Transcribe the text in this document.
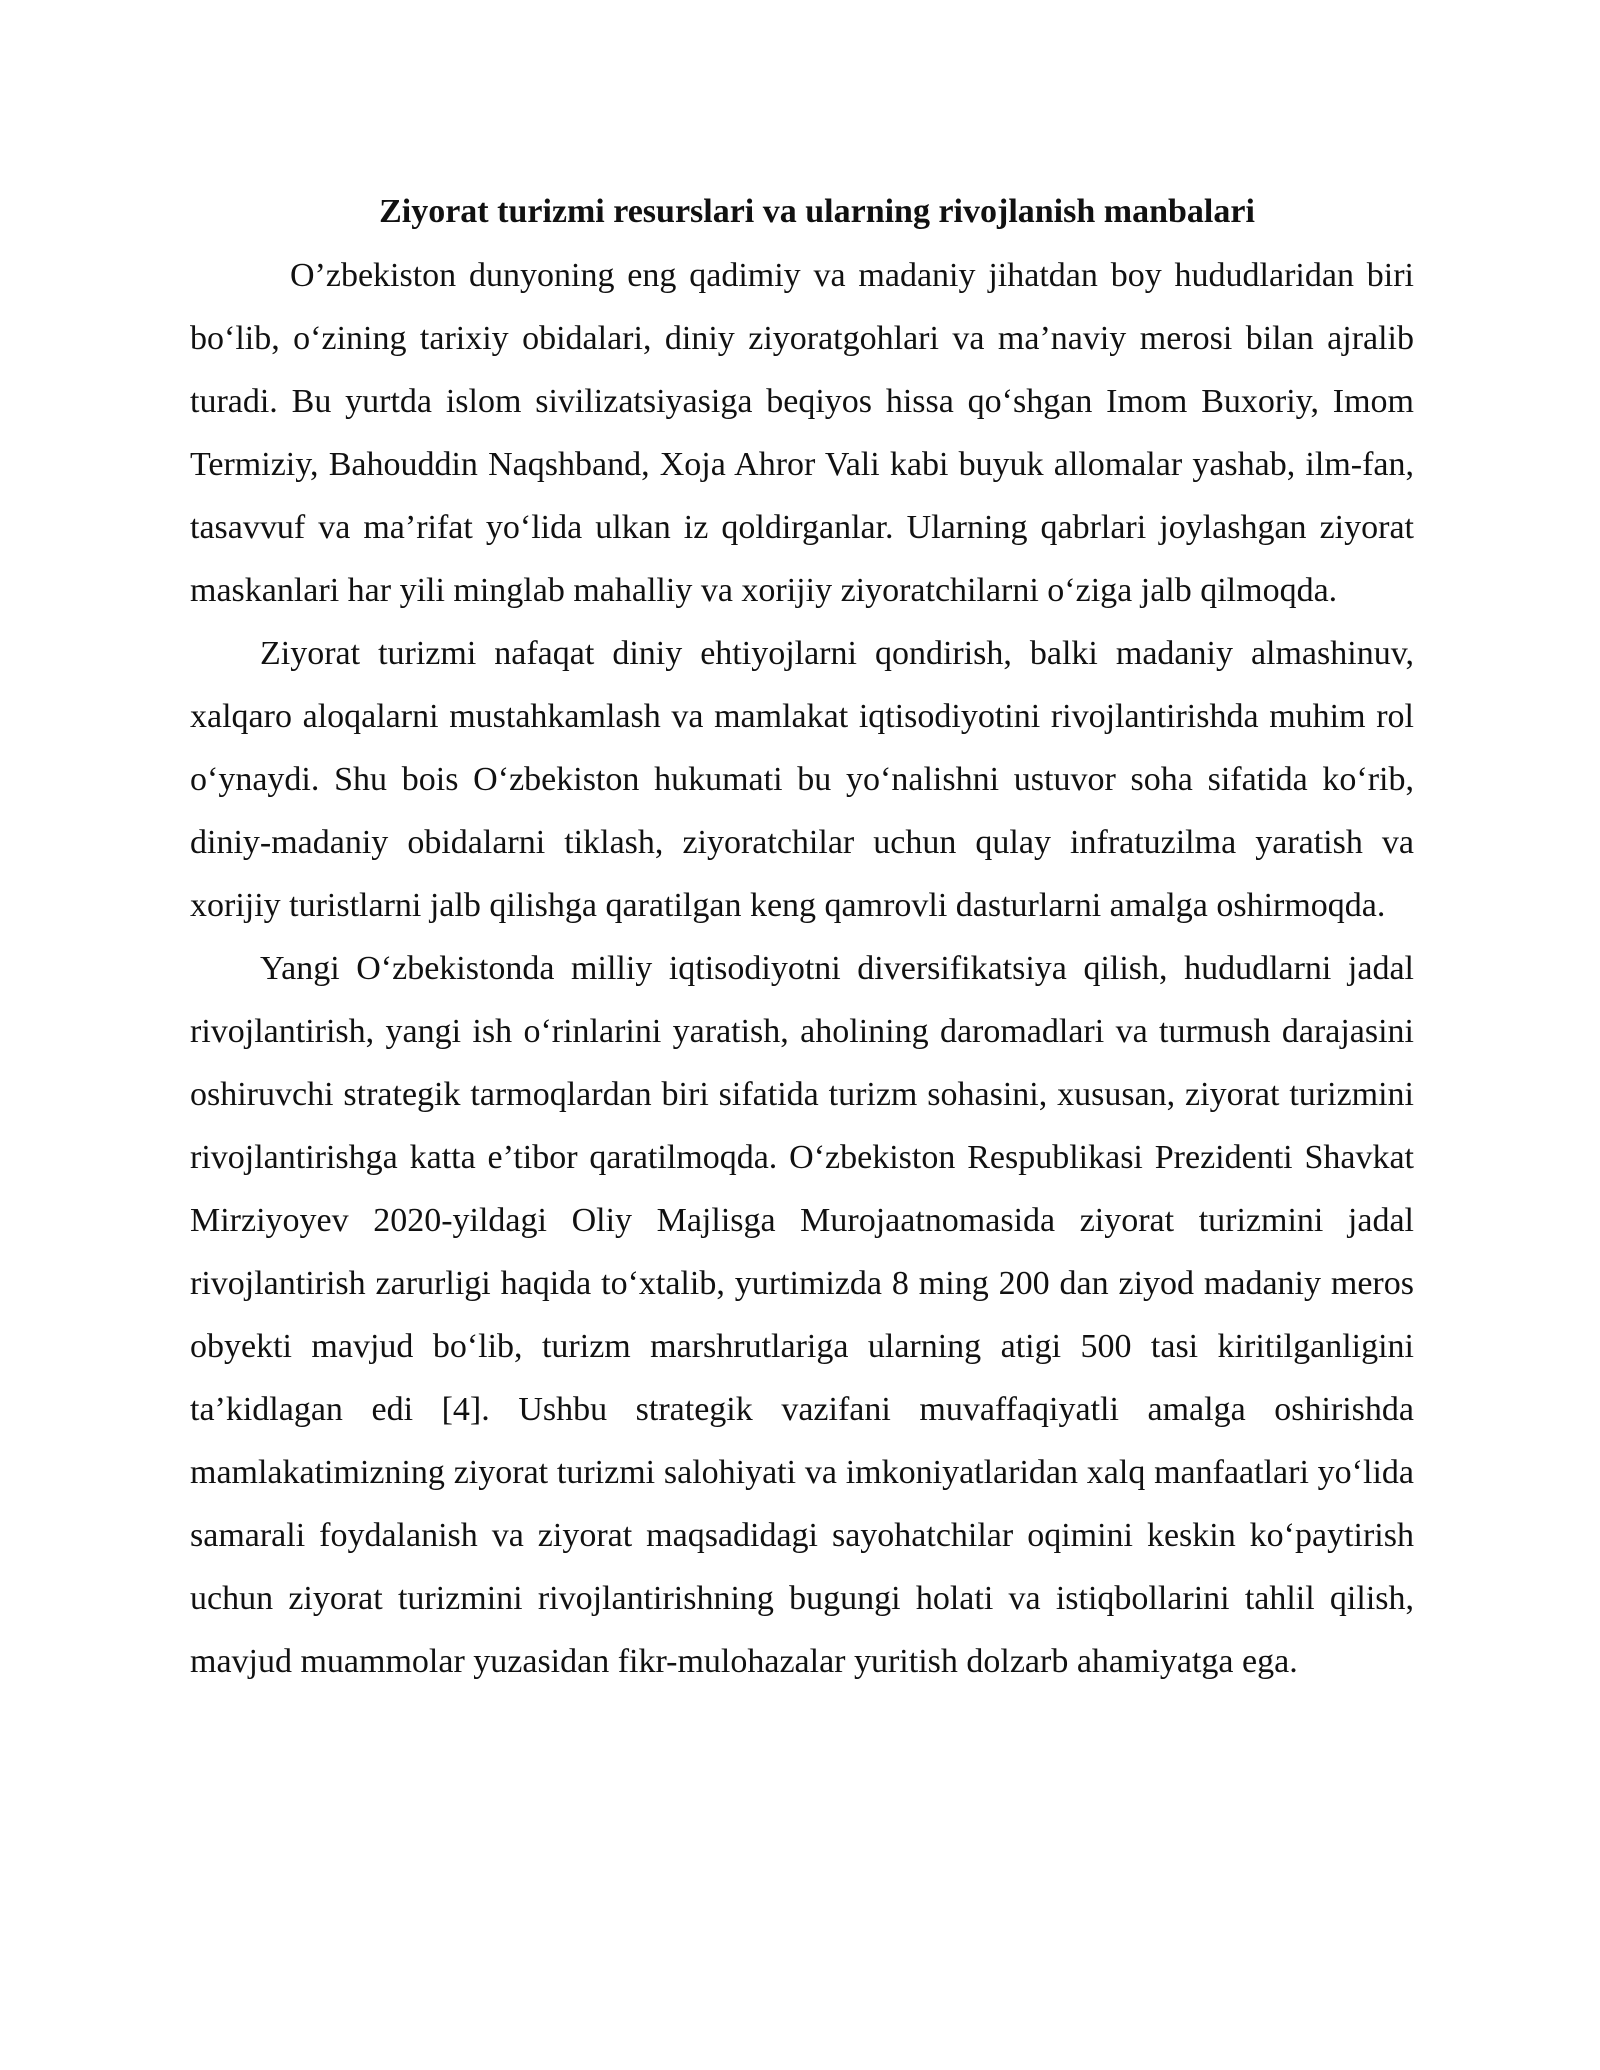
Ziyorat turizmi resurslari va ularning rivojlanish manbalari

O’zbekiston dunyoning eng qadimiy va madaniy jihatdan boy hududlaridan biri bo‘lib, o‘zining tarixiy obidalari, diniy ziyoratgohlari va ma’naviy merosi bilan ajralib turadi. Bu yurtda islom sivilizatsiyasiga beqiyos hissa qo‘shgan Imom Buxoriy, Imom Termiziy, Bahouddin Naqshband, Xoja Ahror Vali kabi buyuk allomalar yashab, ilm-fan, tasavvuf va ma’rifat yo‘lida ulkan iz qoldirganlar. Ularning qabrlari joylashgan ziyorat maskanlari har yili minglab mahalliy va xorijiy ziyoratchilarni o‘ziga jalb qilmoqda.

Ziyorat turizmi nafaqat diniy ehtiyojlarni qondirish, balki madaniy almashinuv, xalqaro aloqalarni mustahkamlash va mamlakat iqtisodiyotini rivojlantirishda muhim rol o‘ynaydi. Shu bois O‘zbekiston hukumati bu yo‘nalishni ustuvor soha sifatida ko‘rib, diniy-madaniy obidalarni tiklash, ziyoratchilar uchun qulay infratuzilma yaratish va xorijiy turistlarni jalb qilishga qaratilgan keng qamrovli dasturlarni amalga oshirmoqda.

Yangi O‘zbekistonda milliy iqtisodiyotni diversifikatsiya qilish, hududlarni jadal rivojlantirish, yangi ish o‘rinlarini yaratish, aholining daromadlari va turmush darajasini oshiruvchi strategik tarmoqlardan biri sifatida turizm sohasini, xususan, ziyorat turizmini rivojlantirishga katta e’tibor qaratilmoqda. O‘zbekiston Respublikasi Prezidenti Shavkat Mirziyoyev 2020-yildagi Oliy Majlisga Murojaatnomasida ziyorat turizmini jadal rivojlantirish zarurligi haqida to‘xtalib, yurtimizda 8 ming 200 dan ziyod madaniy meros obyekti mavjud bo‘lib, turizm marshrutlariga ularning atigi 500 tasi kiritilganligini ta’kidlagan edi [4]. Ushbu strategik vazifani muvaffaqiyatli amalga oshirishda mamlakatimizning ziyorat turizmi salohiyati va imkoniyatlaridan xalq manfaatlari yo‘lida samarali foydalanish va ziyorat maqsadidagi sayohatchilar oqimini keskin ko‘paytirish uchun ziyorat turizmini rivojlantirishning bugungi holati va istiqbollarini tahlil qilish, mavjud muammolar yuzasidan fikr-mulohazalar yuritish dolzarb ahamiyatga ega.
